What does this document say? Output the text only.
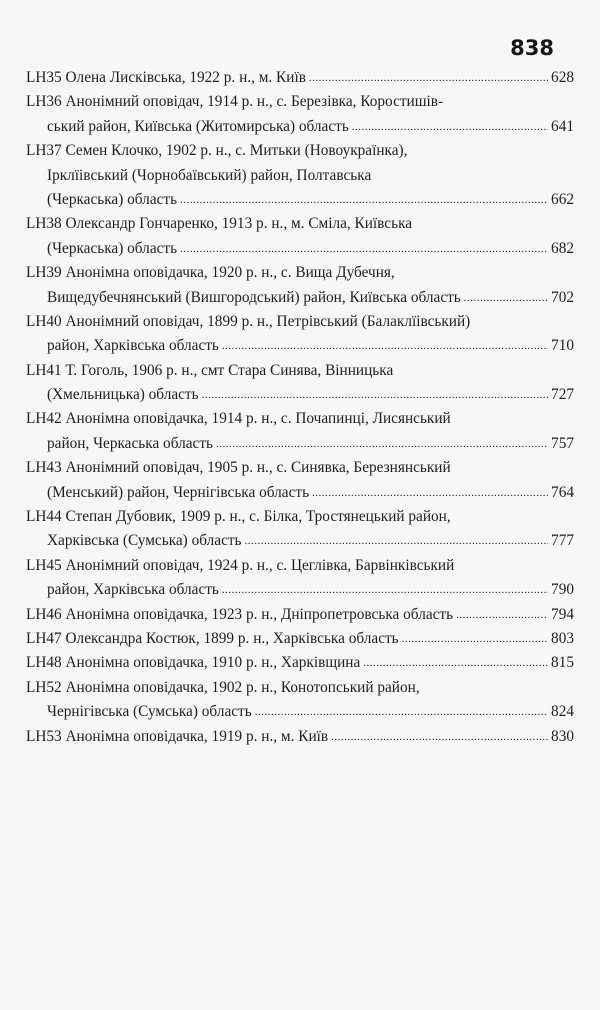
838
LH35 Олена Лисківська, 1922 р. н., м. Київ .....	628
LH36 Анонімний оповідач, 1914 р. н., с. Березівка, Коростишів-
ський район, Київська (Житомирська) область .....	641
LH37 Семен Клочко, 1902 р. н., с. Митьки (Новоукраїнка),
Ірклїівський (Чорнобаївський) район, Полтавська
(Черкаська) область .....	662
LH38 Олександр Гончаренко, 1913 р. н., м. Сміла, Київська
(Черкаська) область .....	682
LH39 Анонімна оповідачка, 1920 р. н., с. Вища Дубечня,
Вищедубечнянський (Вишгородський) район, Київська область .....	702
LH40 Анонімний оповідач, 1899 р. н., Петрівський (Балаклїівський)
район, Харківська область .....	710
LH41 Т. Гоголь, 1906 р. н., смт Стара Синява, Вінницька
(Хмельницька) область .....	727
LH42 Анонімна оповідачка, 1914 р. н., с. Почапинці, Лисянський
район, Черкаська область .....	757
LH43 Анонімний оповідач, 1905 р. н., с. Синявка, Березнянський
(Менський) район, Чернігівська область .....	764
LH44 Степан Дубовик, 1909 р. н., с. Білка, Тростянецький район,
Харківська (Сумська) область .....	777
LH45 Анонімний оповідач, 1924 р. н., с. Цеглівка, Барвінківський
район, Харківська область .....	790
LH46 Анонімна оповідачка, 1923 р. н., Дніпропетровська область .....	794
LH47 Олександра Костюк, 1899 р. н., Харківська область .....	803
LH48 Анонімна оповідачка, 1910 р. н., Харківщина .....	815
LH52 Анонімна оповідачка, 1902 р. н., Конотопський район,
Чернігівська (Сумська) область .....	824
LH53 Анонімна оповідачка, 1919 р. н., м. Київ .....	830
